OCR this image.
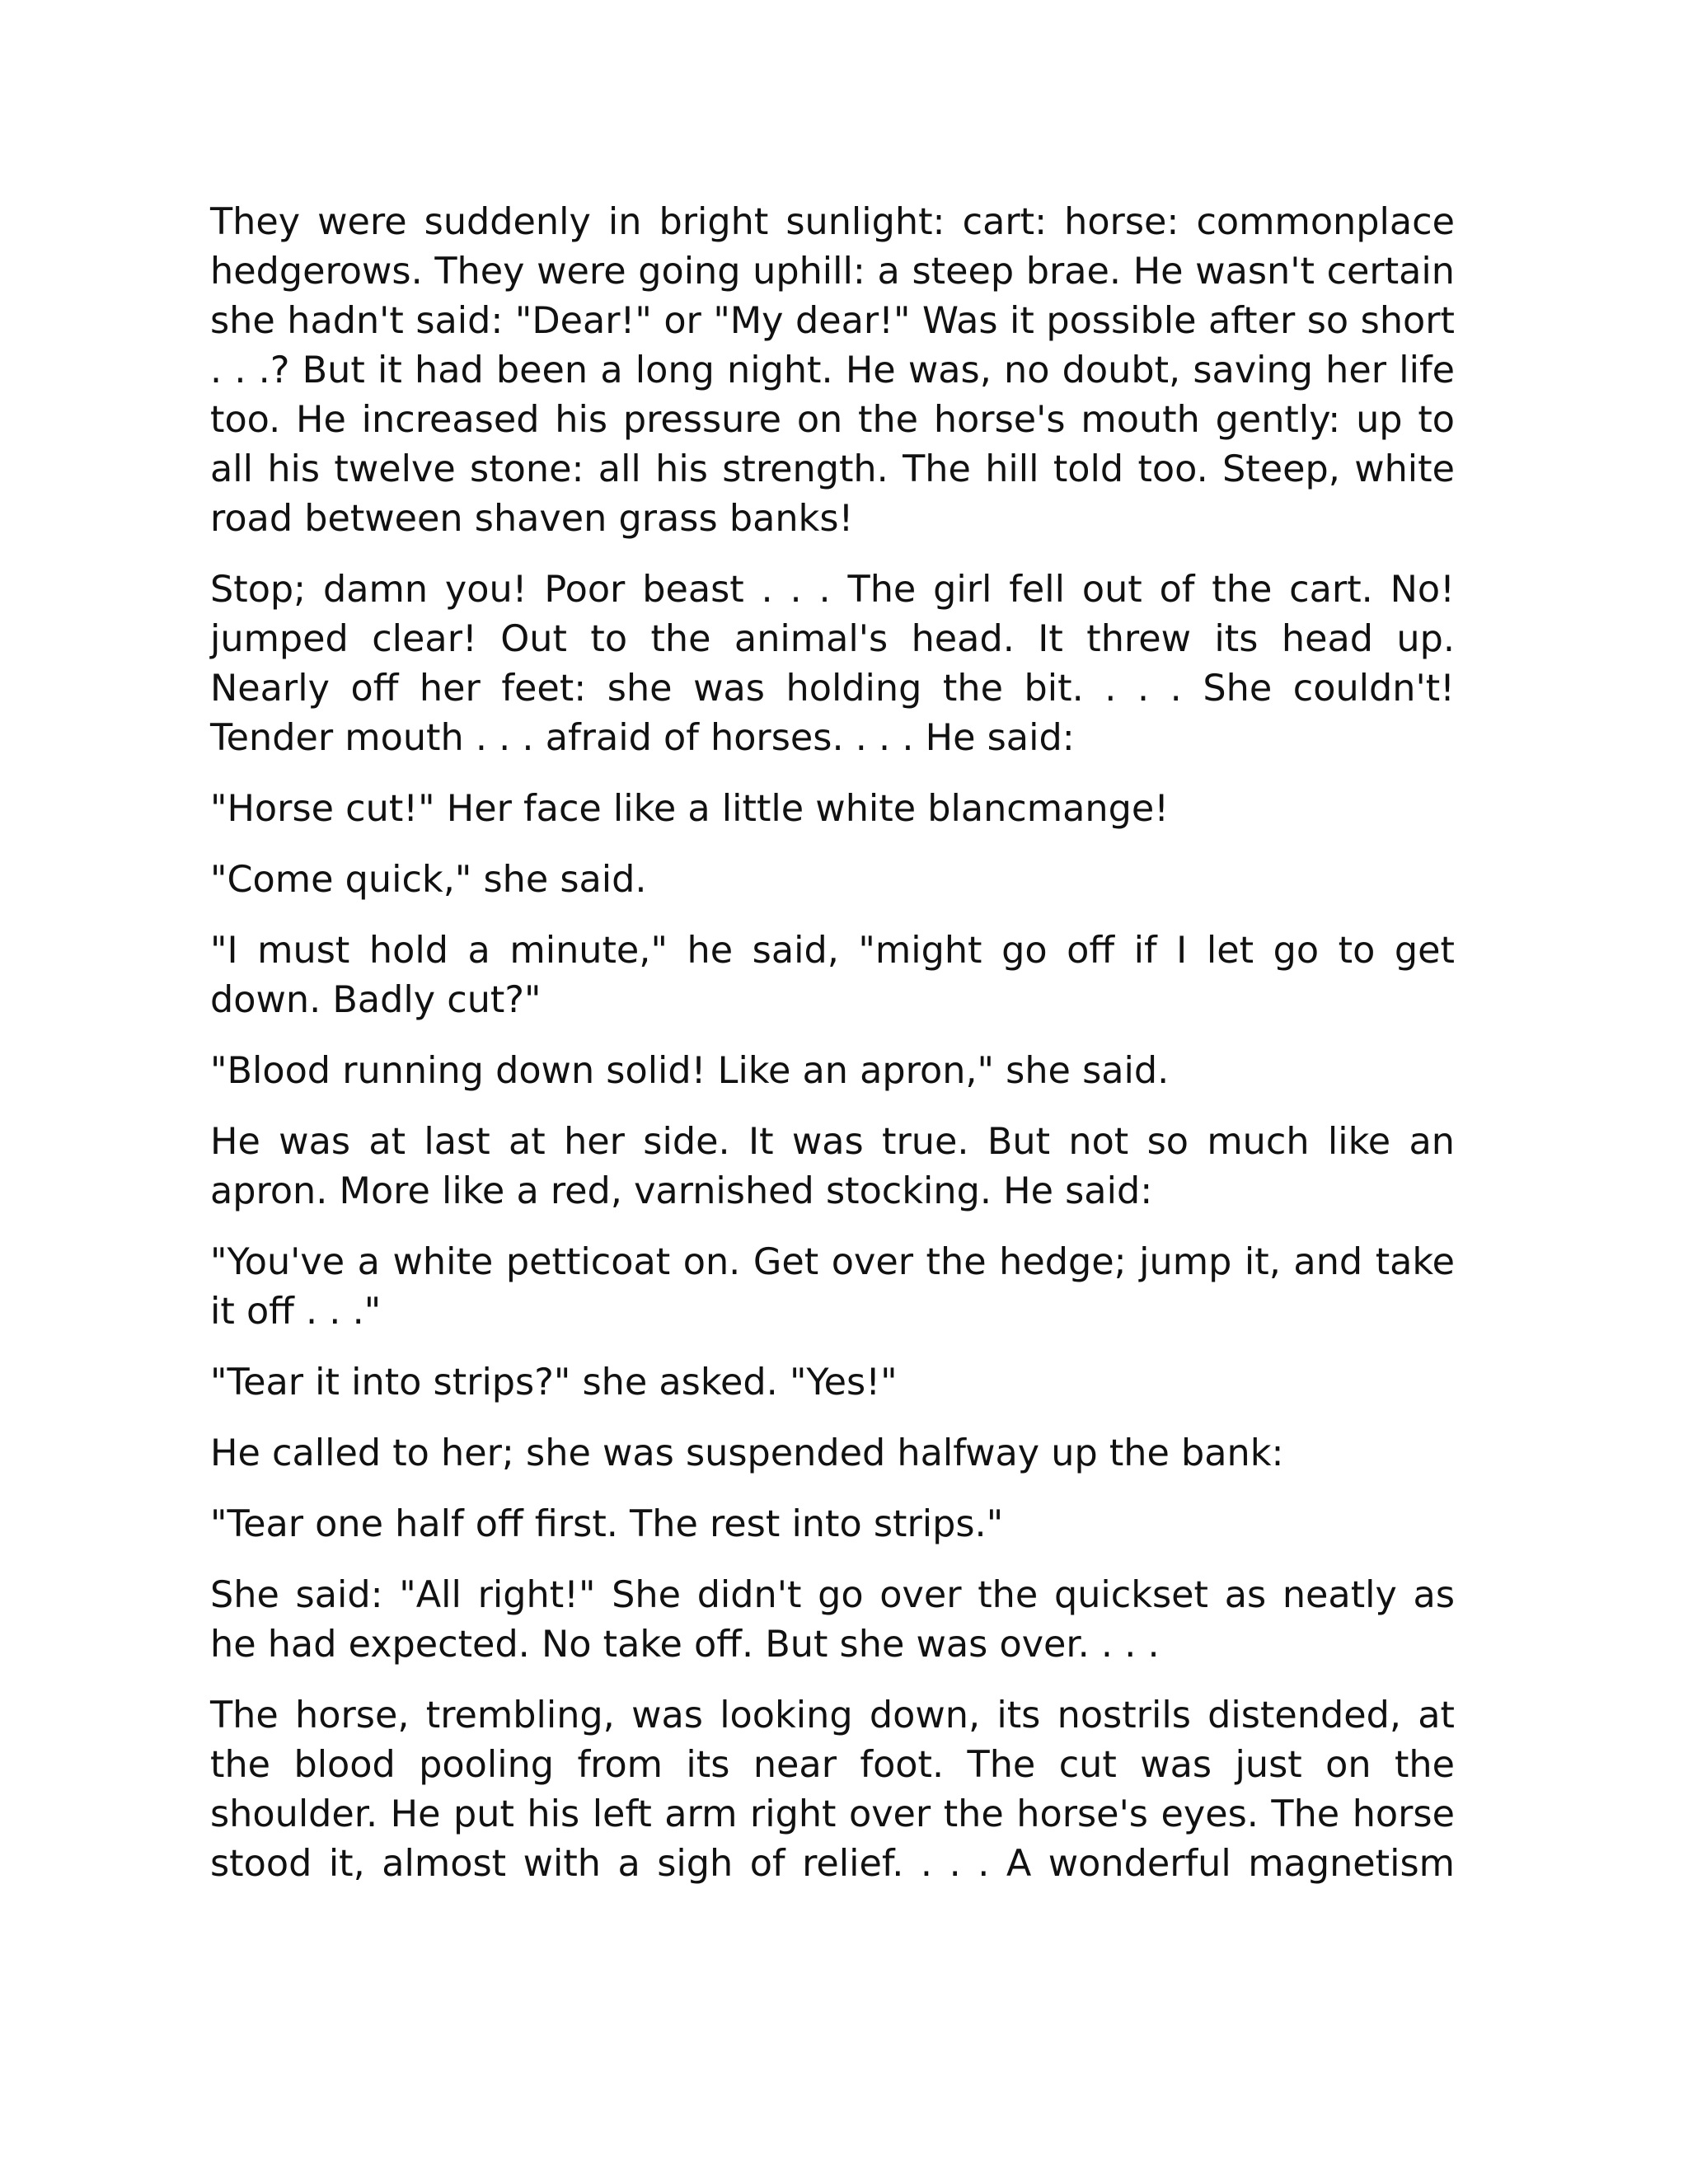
They were suddenly in bright sunlight: cart: horse: commonplace hedgerows. They were going uphill: a steep brae. He wasn't certain she hadn't said: "Dear!" or "My dear!" Was it possible after so short . . .? But it had been a long night. He was, no doubt, saving her life too. He increased his pressure on the horse's mouth gently: up to all his twelve stone: all his strength. The hill told too. Steep, white road between shaven grass banks!

Stop; damn you! Poor beast . . . The girl fell out of the cart. No! jumped clear! Out to the animal's head. It threw its head up. Nearly off her feet: she was holding the bit. . . . She couldn't! Tender mouth . . . afraid of horses. . . . He said:

"Horse cut!" Her face like a little white blancmange!

"Come quick," she said.

"I must hold a minute," he said, "might go off if I let go to get down. Badly cut?"

"Blood running down solid! Like an apron," she said.

He was at last at her side. It was true. But not so much like an apron. More like a red, varnished stocking. He said:

"You've a white petticoat on. Get over the hedge; jump it, and take it off . . ."

"Tear it into strips?" she asked. "Yes!"

He called to her; she was suspended halfway up the bank:

"Tear one half off first. The rest into strips."

She said: "All right!" She didn't go over the quickset as neatly as he had expected. No take off. But she was over. . . .

The horse, trembling, was looking down, its nostrils distended, at the blood pooling from its near foot. The cut was just on the shoulder. He put his left arm right over the horse's eyes. The horse stood it, almost with a sigh of relief. . . . A wonderful magnetism
